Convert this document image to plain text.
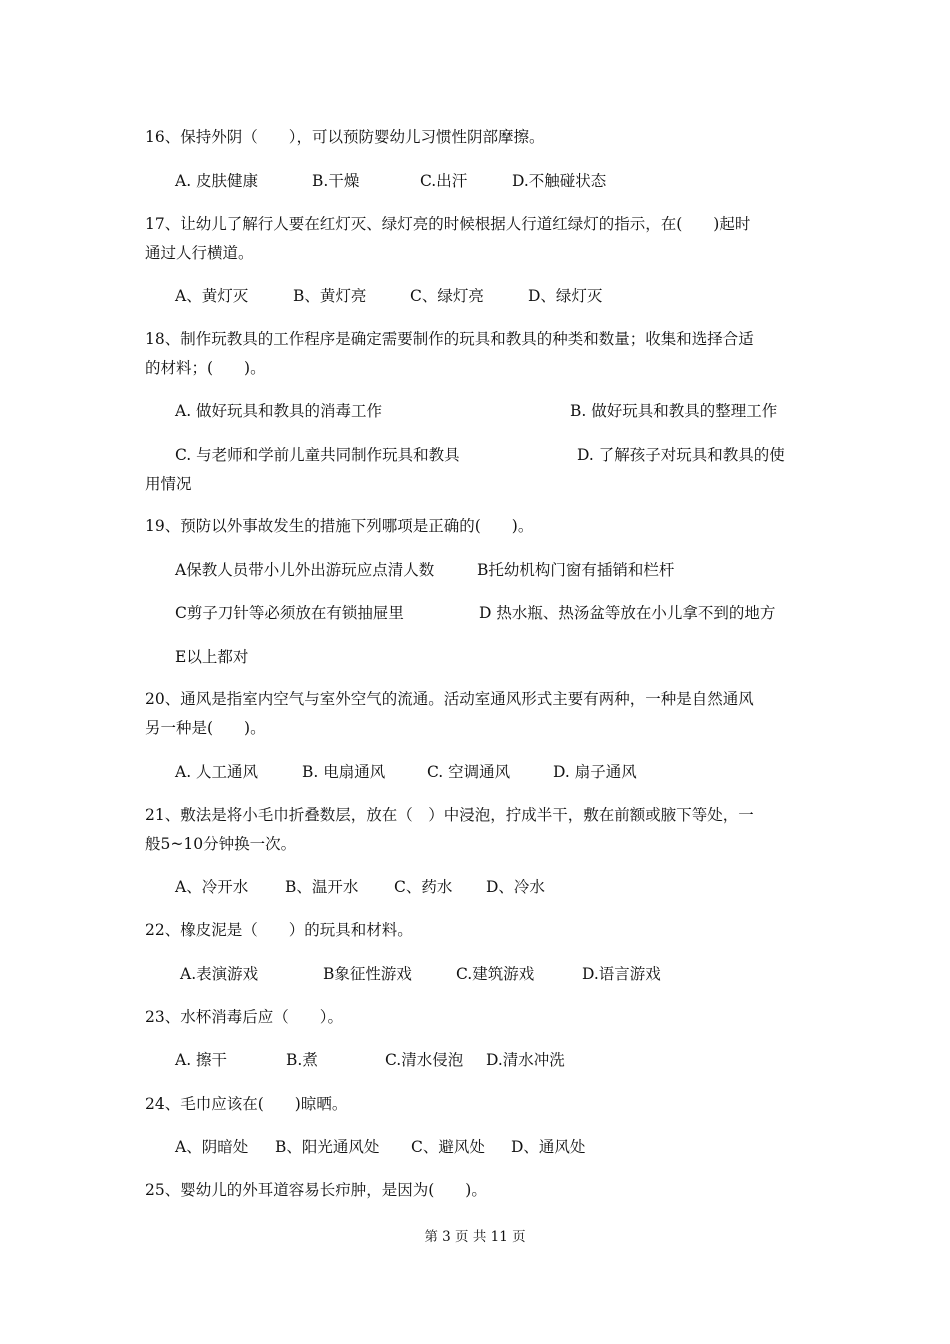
16、保持外阴（　　），可以预防婴幼儿习惯性阴部摩擦。
A. 皮肤健康	B.干燥	C.出汗	D.不触碰状态
17、让幼儿了解行人要在红灯灭、绿灯亮的时候根据人行道红绿灯的指示，在(　　)起时
通过人行横道。
A、黄灯灭	B、黄灯亮	C、绿灯亮	D、绿灯灭
18、制作玩教具的工作程序是确定需要制作的玩具和教具的种类和数量；收集和选择合适
的材料；(　　)。
A. 做好玩具和教具的消毒工作	B. 做好玩具和教具的整理工作
C. 与老师和学前儿童共同制作玩具和教具	D. 了解孩子对玩具和教具的使
用情况
19、预防以外事故发生的措施下列哪项是正确的(　　)。
A保教人员带小儿外出游玩应点清人数	B托幼机构门窗有插销和栏杆
C剪子刀针等必须放在有锁抽屉里	D 热水瓶、热汤盆等放在小儿拿不到的地方
E以上都对
20、通风是指室内空气与室外空气的流通。活动室通风形式主要有两种，一种是自然通风
另一种是(　　)。
A. 人工通风	B. 电扇通风	C. 空调通风	D. 扇子通风
21、敷法是将小毛巾折叠数层，放在（　）中浸泡，拧成半干，敷在前额或腋下等处，一
般5~10分钟换一次。
A、冷开水 B、温开水 C、药水 D、冷水
22、橡皮泥是（　　）的玩具和材料。
A.表演游戏	B象征性游戏	C.建筑游戏	D.语言游戏
23、水杯消毒后应（　　）。
A. 擦干	B.煮	C.清水侵泡 D.清水冲洗
24、毛巾应该在(　　)晾晒。
A、阴暗处 B、阳光通风处 C、避风处 D、通风处
25、婴幼儿的外耳道容易长疖肿，是因为(　　)。
第 3 页 共 11 页
